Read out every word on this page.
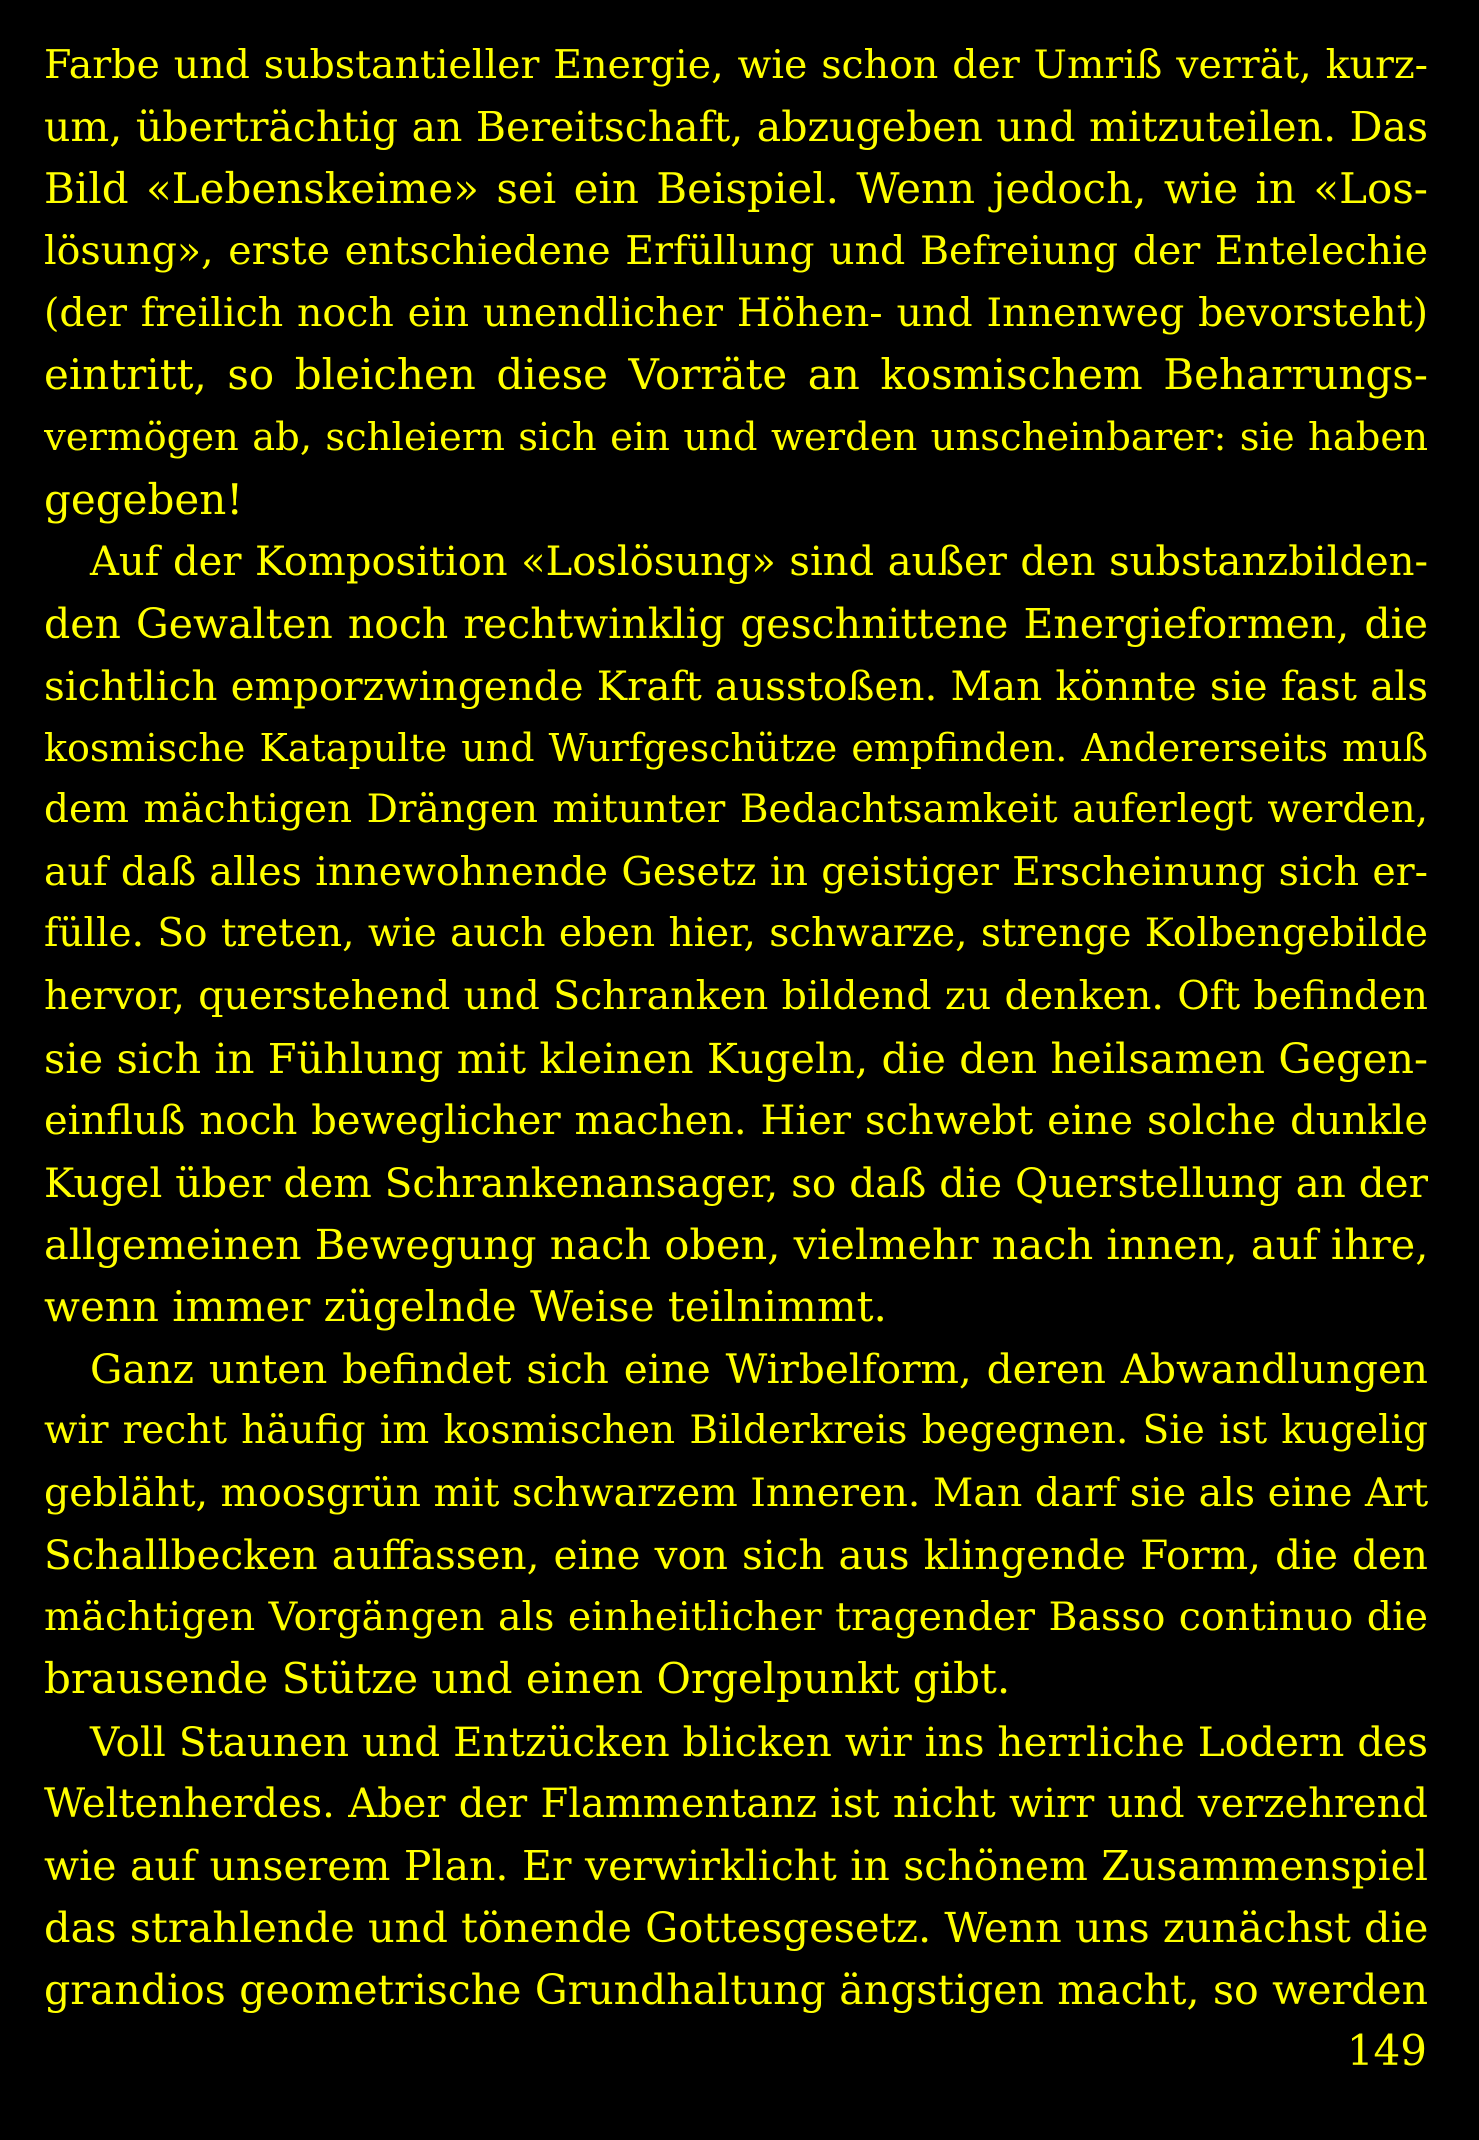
Farbe und substantieller Energie, wie schon der Umriß verrät, kurz-
um, überträchtig an Bereitschaft, abzugeben und mitzuteilen. Das
Bild «Lebenskeime» sei ein Beispiel. Wenn jedoch, wie in «Los-
lösung», erste entschiedene Erfüllung und Befreiung der Entelechie
(der freilich noch ein unendlicher Höhen- und Innenweg bevorsteht)
eintritt, so bleichen diese Vorräte an kosmischem Beharrungs-
vermögen ab, schleiern sich ein und werden unscheinbarer: sie haben
gegeben!
Auf der Komposition «Loslösung» sind außer den substanzbilden-
den Gewalten noch rechtwinklig geschnittene Energieformen, die
sichtlich emporzwingende Kraft ausstoßen. Man könnte sie fast als
kosmische Katapulte und Wurfgeschütze empfinden. Andererseits muß
dem mächtigen Drängen mitunter Bedachtsamkeit auferlegt werden,
auf daß alles innewohnende Gesetz in geistiger Erscheinung sich er-
fülle. So treten, wie auch eben hier, schwarze, strenge Kolbengebilde
hervor, querstehend und Schranken bildend zu denken. Oft befinden
sie sich in Fühlung mit kleinen Kugeln, die den heilsamen Gegen-
einfluß noch beweglicher machen. Hier schwebt eine solche dunkle
Kugel über dem Schrankenansager, so daß die Querstellung an der
allgemeinen Bewegung nach oben, vielmehr nach innen, auf ihre,
wenn immer zügelnde Weise teilnimmt.
Ganz unten befindet sich eine Wirbelform, deren Abwandlungen
wir recht häufig im kosmischen Bilderkreis begegnen. Sie ist kugelig
gebläht, moosgrün mit schwarzem Inneren. Man darf sie als eine Art
Schallbecken auffassen, eine von sich aus klingende Form, die den
mächtigen Vorgängen als einheitlicher tragender Basso continuo die
brausende Stütze und einen Orgelpunkt gibt.
Voll Staunen und Entzücken blicken wir ins herrliche Lodern des
Weltenherdes. Aber der Flammentanz ist nicht wirr und verzehrend
wie auf unserem Plan. Er verwirklicht in schönem Zusammenspiel
das strahlende und tönende Gottesgesetz. Wenn uns zunächst die
grandios geometrische Grundhaltung ängstigen macht, so werden
149
